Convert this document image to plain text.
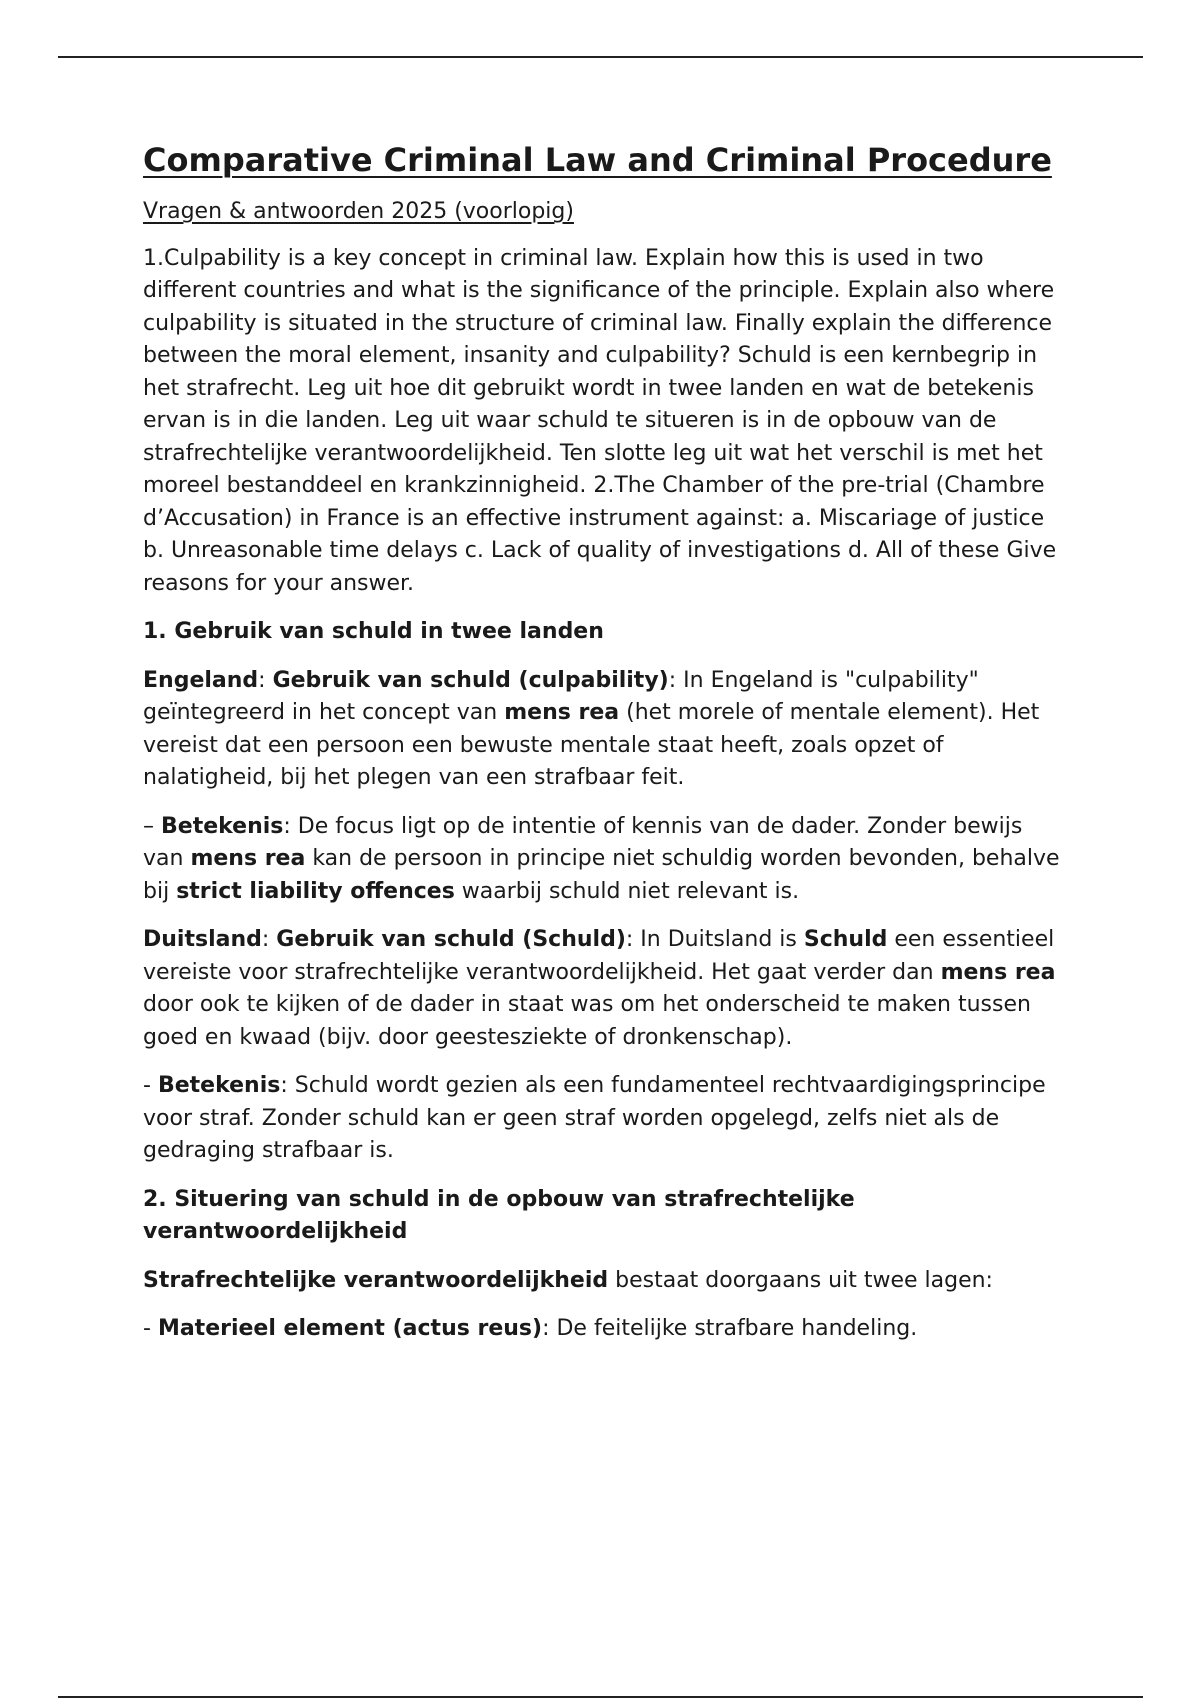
Comparative Criminal Law and Criminal Procedure

Vragen & antwoorden 2025 (voorlopig)

1.Culpability is a key concept in criminal law. Explain how this is used in two different countries and what is the significance of the principle. Explain also where culpability is situated in the structure of criminal law. Finally explain the difference between the moral element, insanity and culpability? Schuld is een kernbegrip in het strafrecht. Leg uit hoe dit gebruikt wordt in twee landen en wat de betekenis ervan is in die landen. Leg uit waar schuld te situeren is in de opbouw van de strafrechtelijke verantwoordelijkheid. Ten slotte leg uit wat het verschil is met het moreel bestanddeel en krankzinnigheid. 2.The Chamber of the pre-trial (Chambre d’Accusation) in France is an effective instrument against: a. Miscariage of justice b. Unreasonable time delays c. Lack of quality of investigations d. All of these Give reasons for your answer.

1. Gebruik van schuld in twee landen

Engeland: Gebruik van schuld (culpability): In Engeland is "culpability" geïntegreerd in het concept van mens rea (het morele of mentale element). Het vereist dat een persoon een bewuste mentale staat heeft, zoals opzet of nalatigheid, bij het plegen van een strafbaar feit.

– Betekenis: De focus ligt op de intentie of kennis van de dader. Zonder bewijs van mens rea kan de persoon in principe niet schuldig worden bevonden, behalve bij strict liability offences waarbij schuld niet relevant is.

Duitsland: Gebruik van schuld (Schuld): In Duitsland is Schuld een essentieel vereiste voor strafrechtelijke verantwoordelijkheid. Het gaat verder dan mens rea door ook te kijken of de dader in staat was om het onderscheid te maken tussen goed en kwaad (bijv. door geestesziekte of dronkenschap).

- Betekenis: Schuld wordt gezien als een fundamenteel rechtvaardigingsprincipe voor straf. Zonder schuld kan er geen straf worden opgelegd, zelfs niet als de gedraging strafbaar is.

2. Situering van schuld in de opbouw van strafrechtelijke verantwoordelijkheid

Strafrechtelijke verantwoordelijkheid bestaat doorgaans uit twee lagen:

- Materieel element (actus reus): De feitelijke strafbare handeling.
